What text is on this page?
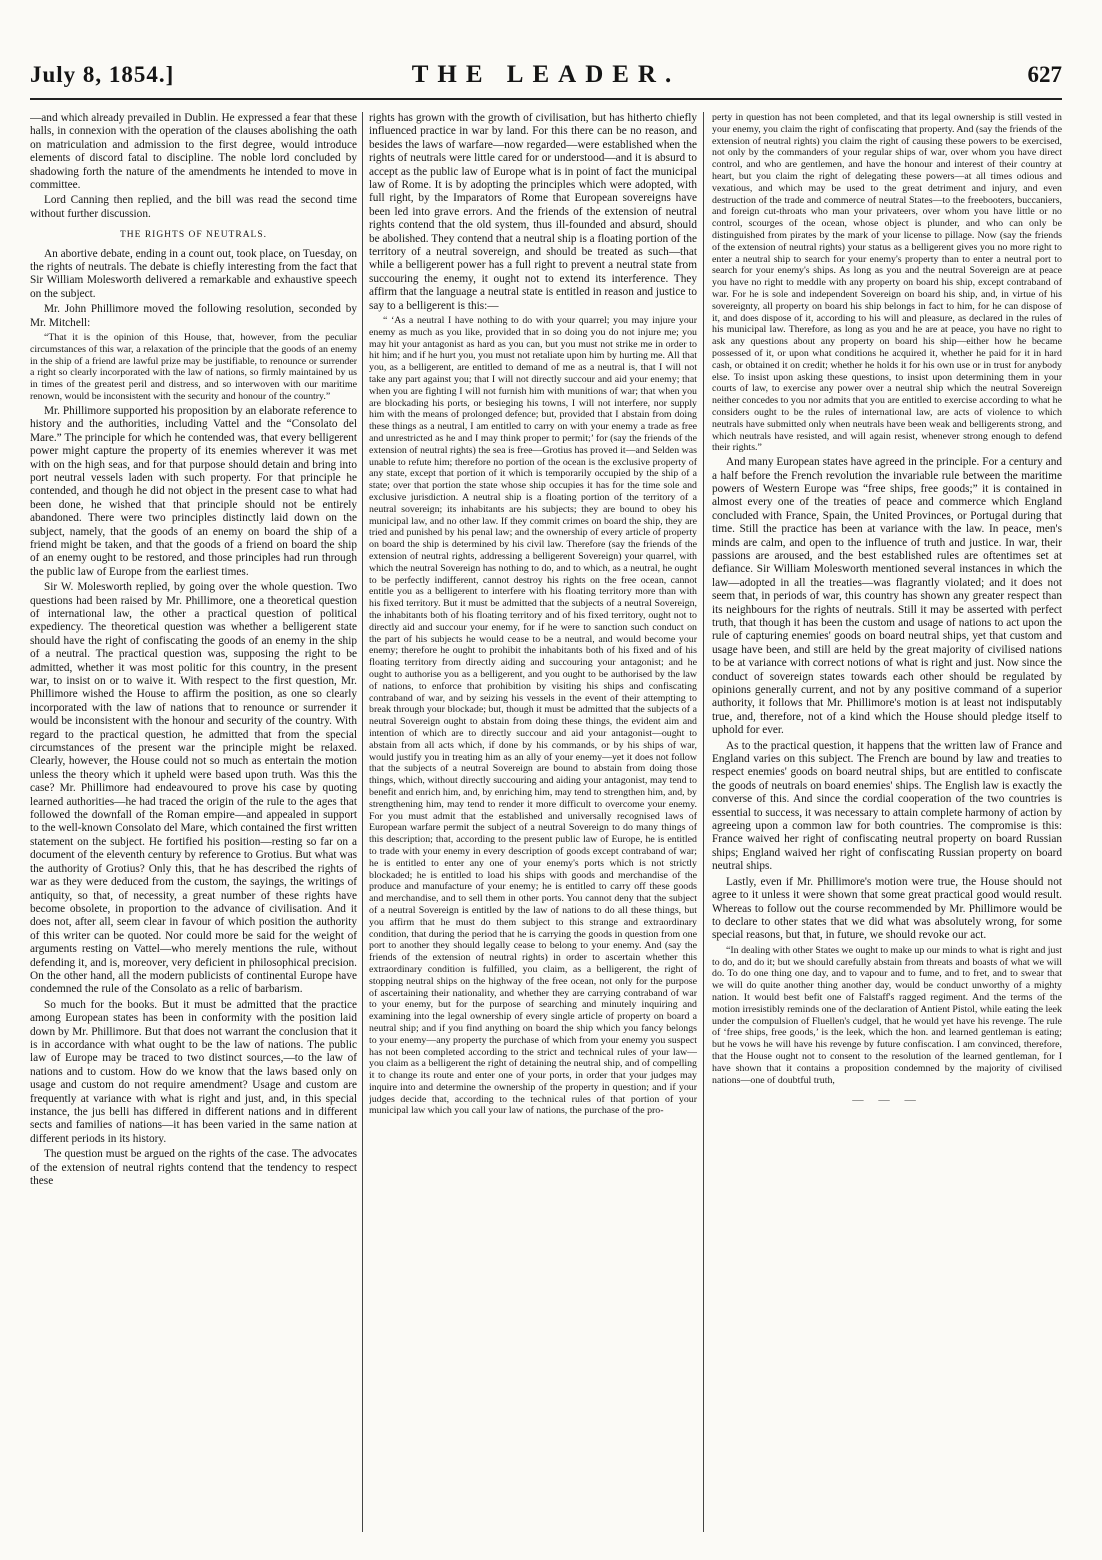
July 8, 1854.]	THE LEADER.	627

—and which already prevailed in Dublin. He expressed a fear that these halls, in connexion with the operation of the clauses abolishing the oath on matriculation and admission to the first degree, would introduce elements of discord fatal to discipline. The noble lord concluded by shadowing forth the nature of the amendments he intended to move in committee.

Lord Canning then replied, and the bill was read the second time without further discussion.

THE RIGHTS OF NEUTRALS.

An abortive debate, ending in a count out, took place, on Tuesday, on the rights of neutrals. The debate is chiefly interesting from the fact that Sir William Molesworth delivered a remarkable and exhaustive speech on the subject.

Mr. John Phillimore moved the following resolution, seconded by Mr. Mitchell:

“That it is the opinion of this House, that, however, from the peculiar circumstances of this war, a relaxation of the principle that the goods of an enemy in the ship of a friend are lawful prize may be justifiable, to renounce or surrender a right so clearly incorporated with the law of nations, so firmly maintained by us in times of the greatest peril and distress, and so interwoven with our maritime renown, would be inconsistent with the security and honour of the country.”

Mr. Phillimore supported his proposition by an elaborate reference to history and the authorities, including Vattel and the “Consolato del Mare.” The principle for which he contended was, that every belligerent power might capture the property of its enemies wherever it was met with on the high seas, and for that purpose should detain and bring into port neutral vessels laden with such property. For that principle he contended, and though he did not object in the present case to what had been done, he wished that that principle should not be entirely abandoned. There were two principles distinctly laid down on the subject, namely, that the goods of an enemy on board the ship of a friend might be taken, and that the goods of a friend on board the ship of an enemy ought to be restored, and those principles had run through the public law of Europe from the earliest times.

Sir W. Molesworth replied, by going over the whole question. Two questions had been raised by Mr. Phillimore, one a theoretical question of international law, the other a practical question of political expediency. The theoretical question was whether a belligerent state should have the right of confiscating the goods of an enemy in the ship of a neutral. The practical question was, supposing the right to be admitted, whether it was most politic for this country, in the present war, to insist on or to waive it. With respect to the first question, Mr. Phillimore wished the House to affirm the position, as one so clearly incorporated with the law of nations that to renounce or surrender it would be inconsistent with the honour and security of the country. With regard to the practical question, he admitted that from the special circumstances of the present war the principle might be relaxed. Clearly, however, the House could not so much as entertain the motion unless the theory which it upheld were based upon truth. Was this the case? Mr. Phillimore had endeavoured to prove his case by quoting learned authorities—he had traced the origin of the rule to the ages that followed the downfall of the Roman empire—and appealed in support to the well-known Consolato del Mare, which contained the first written statement on the subject. He fortified his position—resting so far on a document of the eleventh century by reference to Grotius. But what was the authority of Grotius? Only this, that he has described the rights of war as they were deduced from the custom, the sayings, the writings of antiquity, so that, of necessity, a great number of these rights have become obsolete, in proportion to the advance of civilisation. And it does not, after all, seem clear in favour of which position the authority of this writer can be quoted. Nor could more be said for the weight of arguments resting on Vattel—who merely mentions the rule, without defending it, and is, moreover, very deficient in philosophical precision. On the other hand, all the modern publicists of continental Europe have condemned the rule of the Consolato as a relic of barbarism.

So much for the books. But it must be admitted that the practice among European states has been in conformity with the position laid down by Mr. Phillimore. But that does not warrant the conclusion that it is in accordance with what ought to be the law of nations. The public law of Europe may be traced to two distinct sources,—to the law of nations and to custom. How do we know that the laws based only on usage and custom do not require amendment? Usage and custom are frequently at variance with what is right and just, and, in this special instance, the jus belli has differed in different nations and in different sects and families of nations—it has been varied in the same nation at different periods in its history.

The question must be argued on the rights of the case. The advocates of the extension of neutral rights contend that the tendency to respect these

rights has grown with the growth of civilisation, but has hitherto chiefly influenced practice in war by land. For this there can be no reason, and besides the laws of warfare—now regarded—were established when the rights of neutrals were little cared for or understood—and it is absurd to accept as the public law of Europe what is in point of fact the municipal law of Rome. It is by adopting the principles which were adopted, with full right, by the Imparators of Rome that European sovereigns have been led into grave errors. And the friends of the extension of neutral rights contend that the old system, thus ill-founded and absurd, should be abolished. They contend that a neutral ship is a floating portion of the territory of a neutral sovereign, and should be treated as such—that while a belligerent power has a full right to prevent a neutral state from succouring the enemy, it ought not to extend its interference. They affirm that the language a neutral state is entitled in reason and justice to say to a belligerent is this:—

“ ‘As a neutral I have nothing to do with your quarrel; you may injure your enemy as much as you like, provided that in so doing you do not injure me; you may hit your antagonist as hard as you can, but you must not strike me in order to hit him; and if he hurt you, you must not retaliate upon him by hurting me. All that you, as a belligerent, are entitled to demand of me as a neutral is, that I will not take any part against you; that I will not directly succour and aid your enemy; that when you are fighting I will not furnish him with munitions of war; that when you are blockading his ports, or besieging his towns, I will not interfere, nor supply him with the means of prolonged defence; but, provided that I abstain from doing these things as a neutral, I am entitled to carry on with your enemy a trade as free and unrestricted as he and I may think proper to permit;’ for (say the friends of the extension of neutral rights) the sea is free—Grotius has proved it—and Selden was unable to refute him; therefore no portion of the ocean is the exclusive property of any state, except that portion of it which is temporarily occupied by the ship of a state; over that portion the state whose ship occupies it has for the time sole and exclusive jurisdiction. A neutral ship is a floating portion of the territory of a neutral sovereign; its inhabitants are his subjects; they are bound to obey his municipal law, and no other law. If they commit crimes on board the ship, they are tried and punished by his penal law; and the ownership of every article of property on board the ship is determined by his civil law. Therefore (say the friends of the extension of neutral rights, addressing a belligerent Sovereign) your quarrel, with which the neutral Sovereign has nothing to do, and to which, as a neutral, he ought to be perfectly indifferent, cannot destroy his rights on the free ocean, cannot entitle you as a belligerent to interfere with his floating territory more than with his fixed territory. But it must be admitted that the subjects of a neutral Sovereign, the inhabitants both of his floating territory and of his fixed territory, ought not to directly aid and succour your enemy, for if he were to sanction such conduct on the part of his subjects he would cease to be a neutral, and would become your enemy; therefore he ought to prohibit the inhabitants both of his fixed and of his floating territory from directly aiding and succouring your antagonist; and he ought to authorise you as a belligerent, and you ought to be authorised by the law of nations, to enforce that prohibition by visiting his ships and confiscating contraband of war, and by seizing his vessels in the event of their attempting to break through your blockade; but, though it must be admitted that the subjects of a neutral Sovereign ought to abstain from doing these things, the evident aim and intention of which are to directly succour and aid your antagonist—ought to abstain from all acts which, if done by his commands, or by his ships of war, would justify you in treating him as an ally of your enemy—yet it does not follow that the subjects of a neutral Sovereign are bound to abstain from doing those things, which, without directly succouring and aiding your antagonist, may tend to benefit and enrich him, and, by enriching him, may tend to strengthen him, and, by strengthening him, may tend to render it more difficult to overcome your enemy. For you must admit that the established and universally recognised laws of European warfare permit the subject of a neutral Sovereign to do many things of this description; that, according to the present public law of Europe, he is entitled to trade with your enemy in every description of goods except contraband of war; he is entitled to enter any one of your enemy's ports which is not strictly blockaded; he is entitled to load his ships with goods and merchandise of the produce and manufacture of your enemy; he is entitled to carry off these goods and merchandise, and to sell them in other ports. You cannot deny that the subject of a neutral Sovereign is entitled by the law of nations to do all these things, but you affirm that he must do them subject to this strange and extraordinary condition, that during the period that he is carrying the goods in question from one port to another they should legally cease to belong to your enemy. And (say the friends of the extension of neutral rights) in order to ascertain whether this extraordinary condition is fulfilled, you claim, as a belligerent, the right of stopping neutral ships on the highway of the free ocean, not only for the purpose of ascertaining their nationality, and whether they are carrying contraband of war to your enemy, but for the purpose of searching and minutely inquiring and examining into the legal ownership of every single article of property on board a neutral ship; and if you find anything on board the ship which you fancy belongs to your enemy—any property the purchase of which from your enemy you suspect has not been completed according to the strict and technical rules of your law—you claim as a belligerent the right of detaining the neutral ship, and of compelling it to change its route and enter one of your ports, in order that your judges may inquire into and determine the ownership of the property in question; and if your judges decide that, according to the technical rules of that portion of your municipal law which you call your law of nations, the purchase of the pro-

perty in question has not been completed, and that its legal ownership is still vested in your enemy, you claim the right of confiscating that property. And (say the friends of the extension of neutral rights) you claim the right of causing these powers to be exercised, not only by the commanders of your regular ships of war, over whom you have direct control, and who are gentlemen, and have the honour and interest of their country at heart, but you claim the right of delegating these powers—at all times odious and vexatious, and which may be used to the great detriment and injury, and even destruction of the trade and commerce of neutral States—to the freebooters, buccaniers, and foreign cut-throats who man your privateers, over whom you have little or no control, scourges of the ocean, whose object is plunder, and who can only be distinguished from pirates by the mark of your license to pillage. Now (say the friends of the extension of neutral rights) your status as a belligerent gives you no more right to enter a neutral ship to search for your enemy's property than to enter a neutral port to search for your enemy's ships. As long as you and the neutral Sovereign are at peace you have no right to meddle with any property on board his ship, except contraband of war. For he is sole and independent Sovereign on board his ship, and, in virtue of his sovereignty, all property on board his ship belongs in fact to him, for he can dispose of it, and does dispose of it, according to his will and pleasure, as declared in the rules of his municipal law. Therefore, as long as you and he are at peace, you have no right to ask any questions about any property on board his ship—either how he became possessed of it, or upon what conditions he acquired it, whether he paid for it in hard cash, or obtained it on credit; whether he holds it for his own use or in trust for anybody else. To insist upon asking these questions, to insist upon determining them in your courts of law, to exercise any power over a neutral ship which the neutral Sovereign neither concedes to you nor admits that you are entitled to exercise according to what he considers ought to be the rules of international law, are acts of violence to which neutrals have submitted only when neutrals have been weak and belligerents strong, and which neutrals have resisted, and will again resist, whenever strong enough to defend their rights.”

And many European states have agreed in the principle. For a century and a half before the French revolution the invariable rule between the maritime powers of Western Europe was “free ships, free goods;” it is contained in almost every one of the treaties of peace and commerce which England concluded with France, Spain, the United Provinces, or Portugal during that time. Still the practice has been at variance with the law. In peace, men's minds are calm, and open to the influence of truth and justice. In war, their passions are aroused, and the best established rules are oftentimes set at defiance. Sir William Molesworth mentioned several instances in which the law—adopted in all the treaties—was flagrantly violated; and it does not seem that, in periods of war, this country has shown any greater respect than its neighbours for the rights of neutrals. Still it may be asserted with perfect truth, that though it has been the custom and usage of nations to act upon the rule of capturing enemies' goods on board neutral ships, yet that custom and usage have been, and still are held by the great majority of civilised nations to be at variance with correct notions of what is right and just. Now since the conduct of sovereign states towards each other should be regulated by opinions generally current, and not by any positive command of a superior authority, it follows that Mr. Phillimore's motion is at least not indisputably true, and, therefore, not of a kind which the House should pledge itself to uphold for ever.

As to the practical question, it happens that the written law of France and England varies on this subject. The French are bound by law and treaties to respect enemies' goods on board neutral ships, but are entitled to confiscate the goods of neutrals on board enemies' ships. The English law is exactly the converse of this. And since the cordial cooperation of the two countries is essential to success, it was necessary to attain complete harmony of action by agreeing upon a common law for both countries. The compromise is this: France waived her right of confiscating neutral property on board Russian ships; England waived her right of confiscating Russian property on board neutral ships.

Lastly, even if Mr. Phillimore's motion were true, the House should not agree to it unless it were shown that some great practical good would result. Whereas to follow out the course recommended by Mr. Phillimore would be to declare to other states that we did what was absolutely wrong, for some special reasons, but that, in future, we should revoke our act.

“In dealing with other States we ought to make up our minds to what is right and just to do, and do it; but we should carefully abstain from threats and boasts of what we will do. To do one thing one day, and to vapour and to fume, and to fret, and to swear that we will do quite another thing another day, would be conduct unworthy of a mighty nation. It would best befit one of Falstaff's ragged regiment. And the terms of the motion irresistibly reminds one of the declaration of Antient Pistol, while eating the leek under the compulsion of Fluellen's cudgel, that he would yet have his revenge. The rule of ‘free ships, free goods,’ is the leek, which the hon. and learned gentleman is eating; but he vows he will have his revenge by future confiscation. I am convinced, therefore, that the House ought not to consent to the resolution of the learned gentleman, for I have shown that it contains a proposition condemned by the majority of civilised nations—one of doubtful truth,

— — —
